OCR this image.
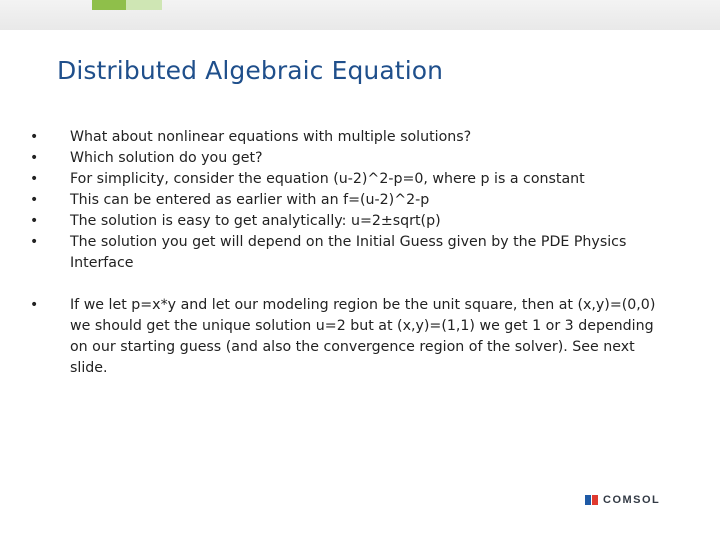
Distributed Algebraic Equation
• What about nonlinear equations with multiple solutions?
• Which solution do you get?
• For simplicity, consider the equation (u-2)^2-p=0, where p is a constant
• This can be entered as earlier with an f=(u-2)^2-p
• The solution is easy to get analytically: u=2±sqrt(p)
• The solution you get will depend on the Initial Guess given by the PDE Physics Interface
• If we let p=x*y and let our modeling region be the unit square, then at (x,y)=(0,0) we should get the unique solution u=2 but at (x,y)=(1,1) we get 1 or 3 depending on our starting guess (and also the convergence region of the solver). See next slide.
COMSOL
